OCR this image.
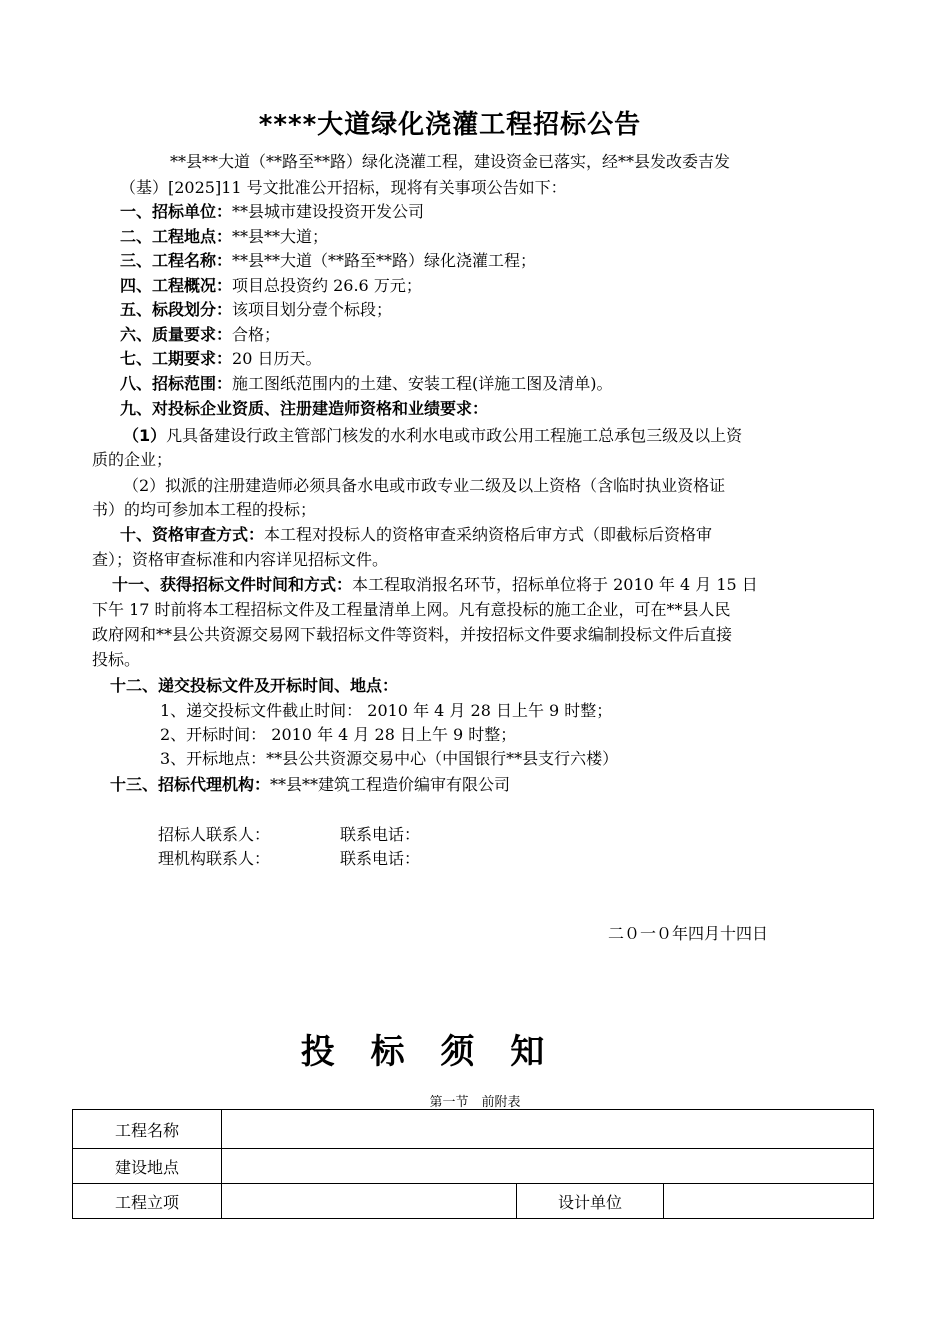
****大道绿化浇灌工程招标公告
**县**大道（**路至**路）绿化浇灌工程，建设资金已落实，经**县发改委吉发
（基）[2025]11 号文批准公开招标，现将有关事项公告如下：
一、招标单位：**县城市建设投资开发公司
二、工程地点：**县**大道；
三、工程名称：**县**大道（**路至**路）绿化浇灌工程；
四、工程概况：项目总投资约 26.6 万元；
五、标段划分：该项目划分壹个标段；
六、质量要求：合格；
七、工期要求：20 日历天。
八、招标范围：施工图纸范围内的土建、安装工程(详施工图及清单)。
九、对投标企业资质、注册建造师资格和业绩要求：
（1）凡具备建设行政主管部门核发的水利水电或市政公用工程施工总承包三级及以上资
质的企业；
（2）拟派的注册建造师必须具备水电或市政专业二级及以上资格（含临时执业资格证
书）的均可参加本工程的投标；
十、资格审查方式：本工程对投标人的资格审查采纳资格后审方式（即截标后资格审
查）；资格审查标准和内容详见招标文件。
十一、获得招标文件时间和方式：本工程取消报名环节，招标单位将于 2010 年 4 月 15 日
下午 17 时前将本工程招标文件及工程量清单上网。凡有意投标的施工企业，可在**县人民
政府网和**县公共资源交易网下载招标文件等资料，并按招标文件要求编制投标文件后直接
投标。
十二、递交投标文件及开标时间、地点：
1、递交投标文件截止时间： 2010 年 4 月 28 日上午 9 时整；
2、开标时间： 2010 年 4 月 28 日上午 9 时整；
3、开标地点：**县公共资源交易中心（中国银行**县支行六楼）
十三、招标代理机构：**县**建筑工程造价编审有限公司
招标人联系人：	联系电话：
理机构联系人：	联系电话：
二０一０年四月十四日
投 标 须 知
第一节　前附表
工程名称			
建设地点			
工程立项		设计单位	
